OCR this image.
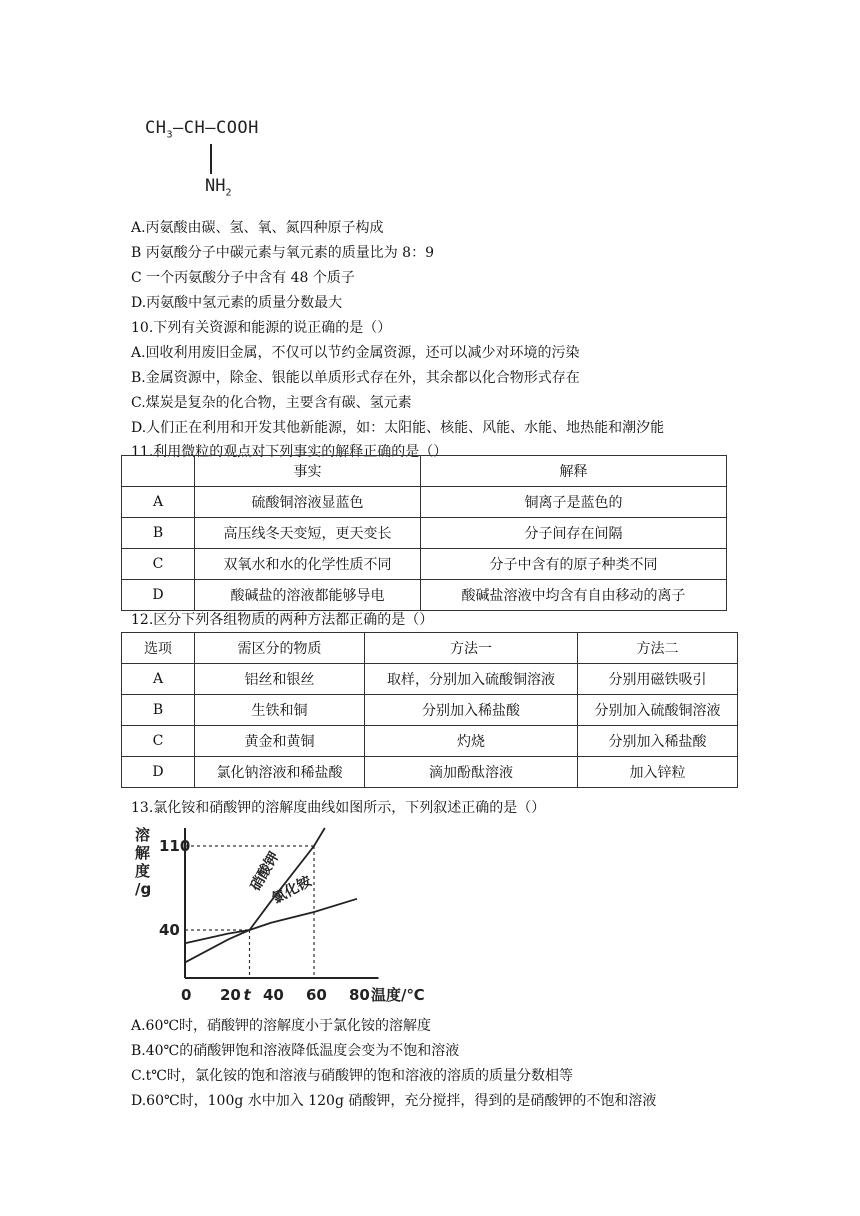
$CH_3—CH—COOH$
$NH_2$
A.丙氨酸由碳、氢、氧、氮四种原子构成
B 丙氨酸分子中碳元素与氧元素的质量比为 8：9
C 一个丙氨酸分子中含有 48 个质子
D.丙氨酸中氢元素的质量分数最大
10.下列有关资源和能源的说正确的是（）
A.回收利用废旧金属，不仅可以节约金属资源，还可以减少对环境的污染
B.金属资源中，除金、银能以单质形式存在外，其余都以化合物形式存在
C.煤炭是复杂的化合物，主要含有碳、氢元素
D.人们正在利用和开发其他新能源，如：太阳能、核能、风能、水能、地热能和潮汐能
11.利用微粒的观点对下列事实的解释正确的是（）
	事实	解释
A	硫酸铜溶液显蓝色	铜离子是蓝色的
B	高压线冬天变短，更天变长	分子间存在间隔
C	双氧水和水的化学性质不同	分子中含有的原子种类不同
D	酸碱盐的溶液都能够导电	酸碱盐溶液中均含有自由移动的离子
12.区分下列各组物质的两种方法都正确的是（）
选项	需区分的物质	方法一	方法二
A	铝丝和银丝	取样，分别加入硫酸铜溶液	分别用磁铁吸引
B	生铁和铜	分别加入稀盐酸	分别加入硫酸铜溶液
C	黄金和黄铜	灼烧	分别加入稀盐酸
D	氯化钠溶液和稀盐酸	滴加酚酞溶液	加入锌粒
13.氯化铵和硝酸钾的溶解度曲线如图所示，下列叙述正确的是（）
硝酸钾
氯化铵
40
110
0 20 t 40 60 80 温度/℃
溶
解
度
/g
A.60℃时，硝酸钾的溶解度小于氯化铵的溶解度
B.40℃的硝酸钾饱和溶液降低温度会变为不饱和溶液
C.t℃时，氯化铵的饱和溶液与硝酸钾的饱和溶液的溶质的质量分数相等
D.60℃时，100g 水中加入 120g 硝酸钾，充分搅拌，得到的是硝酸钾的不饱和溶液
